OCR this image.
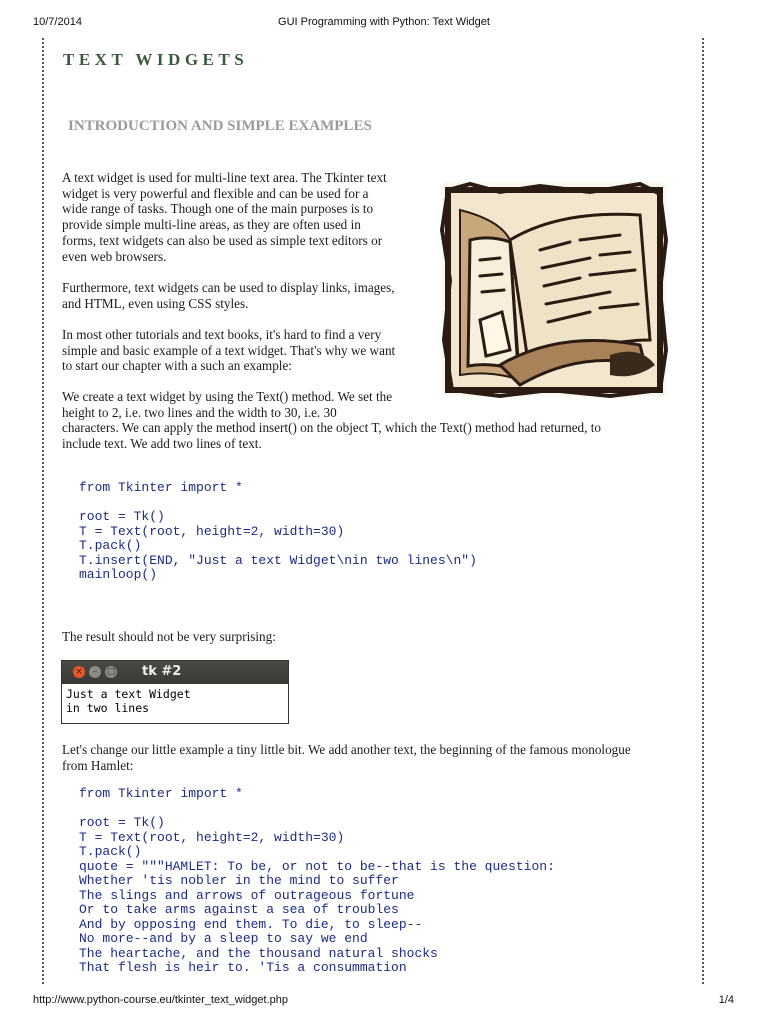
10/7/2014	GUI Programming with Python: Text Widget
TEXT WIDGETS
INTRODUCTION AND SIMPLE EXAMPLES
A text widget is used for multi-line text area. The Tkinter text
widget is very powerful and flexible and can be used for a
wide range of tasks. Though one of the main purposes is to
provide simple multi-line areas, as they are often used in
forms, text widgets can also be used as simple text editors or
even web browsers.
Furthermore, text widgets can be used to display links, images,
and HTML, even using CSS styles.
In most other tutorials and text books, it's hard to find a very
simple and basic example of a text widget. That's why we want
to start our chapter with a such an example:
We create a text widget by using the Text() method. We set the
height to 2, i.e. two lines and the width to 30, i.e. 30
characters. We can apply the method insert() on the object T, which the Text() method had returned, to
include text. We add two lines of text.
from Tkinter import *

root = Tk()
T = Text(root, height=2, width=30)
T.pack()
T.insert(END, "Just a text Widget\nin two lines\n")
mainloop()
The result should not be very surprising:
×	–	□ tk #2
Just a text Widget
in two lines
Let's change our little example a tiny little bit. We add another text, the beginning of the famous monologue
from Hamlet:
from Tkinter import *

root = Tk()
T = Text(root, height=2, width=30)
T.pack()
quote = """HAMLET: To be, or not to be--that is the question:
Whether 'tis nobler in the mind to suffer
The slings and arrows of outrageous fortune
Or to take arms against a sea of troubles
And by opposing end them. To die, to sleep--
No more--and by a sleep to say we end
The heartache, and the thousand natural shocks
That flesh is heir to. 'Tis a consummation
http://www.python-course.eu/tkinter_text_widget.php	1/4
